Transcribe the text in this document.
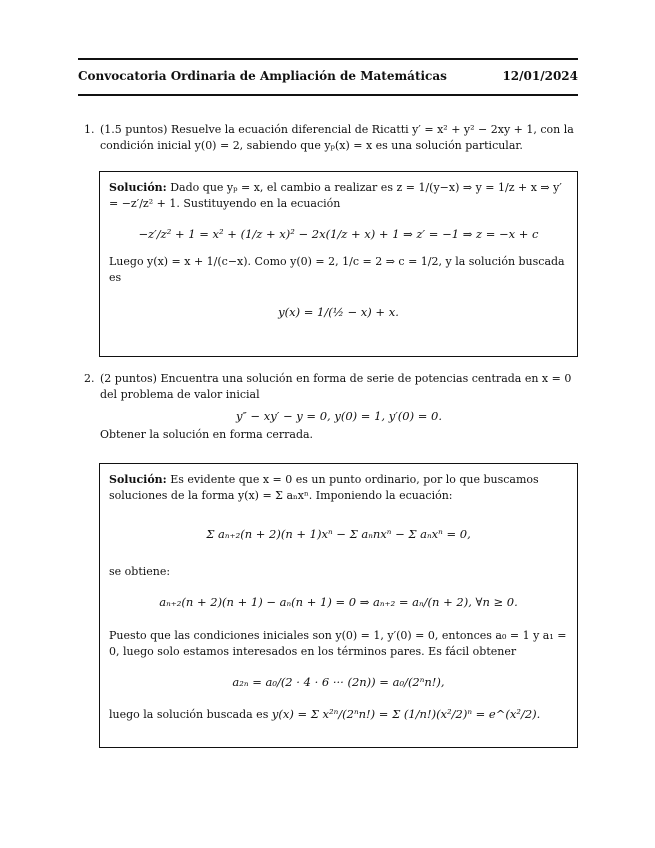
Convocatoria Ordinaria de Ampliación de Matemáticas	12/01/2024
1. (1.5 puntos) Resuelve la ecuación diferencial de Ricatti y′ = x² + y² − 2xy + 1, con la condición inicial y(0) = 2, sabiendo que yₚ(x) = x es una solución particular.
Solución: Dado que yₚ = x, el cambio a realizar es z = 1/(y−x) ⇒ y = 1/z + x ⇒ y′ = −z′/z² + 1. Sustituyendo en la ecuación
−z′/z² + 1 = x² + (1/z + x)² − 2x(1/z + x) + 1 ⇒ z′ = −1 ⇒ z = −x + c
Luego y(x) = x + 1/(c−x). Como y(0) = 2, 1/c = 2 ⇒ c = 1/2, y la solución buscada es
y(x) = 1/(½ − x) + x.
2. (2 puntos) Encuentra una solución en forma de serie de potencias centrada en x = 0 del problema de valor inicial
y″ − xy′ − y = 0, y(0) = 1, y′(0) = 0.
Obtener la solución en forma cerrada.
Solución: Es evidente que x = 0 es un punto ordinario, por lo que buscamos soluciones de la forma y(x) = Σ aₙxⁿ. Imponiendo la ecuación:
Σ aₙ₊₂(n + 2)(n + 1)xⁿ − Σ aₙnxⁿ − Σ aₙxⁿ = 0,
se obtiene:
aₙ₊₂(n + 2)(n + 1) − aₙ(n + 1) = 0 ⇒ aₙ₊₂ = aₙ/(n + 2), ∀n ≥ 0.
Puesto que las condiciones iniciales son y(0) = 1, y′(0) = 0, entonces a₀ = 1 y a₁ = 0, luego solo estamos interesados en los términos pares. Es fácil obtener
a₂ₙ = a₀/(2 · 4 · 6 ··· (2n)) = a₀/(2ⁿn!),
luego la solución buscada es y(x) = Σ x²ⁿ/(2ⁿn!) = Σ (1/n!)(x²/2)ⁿ = e^(x²/2).
